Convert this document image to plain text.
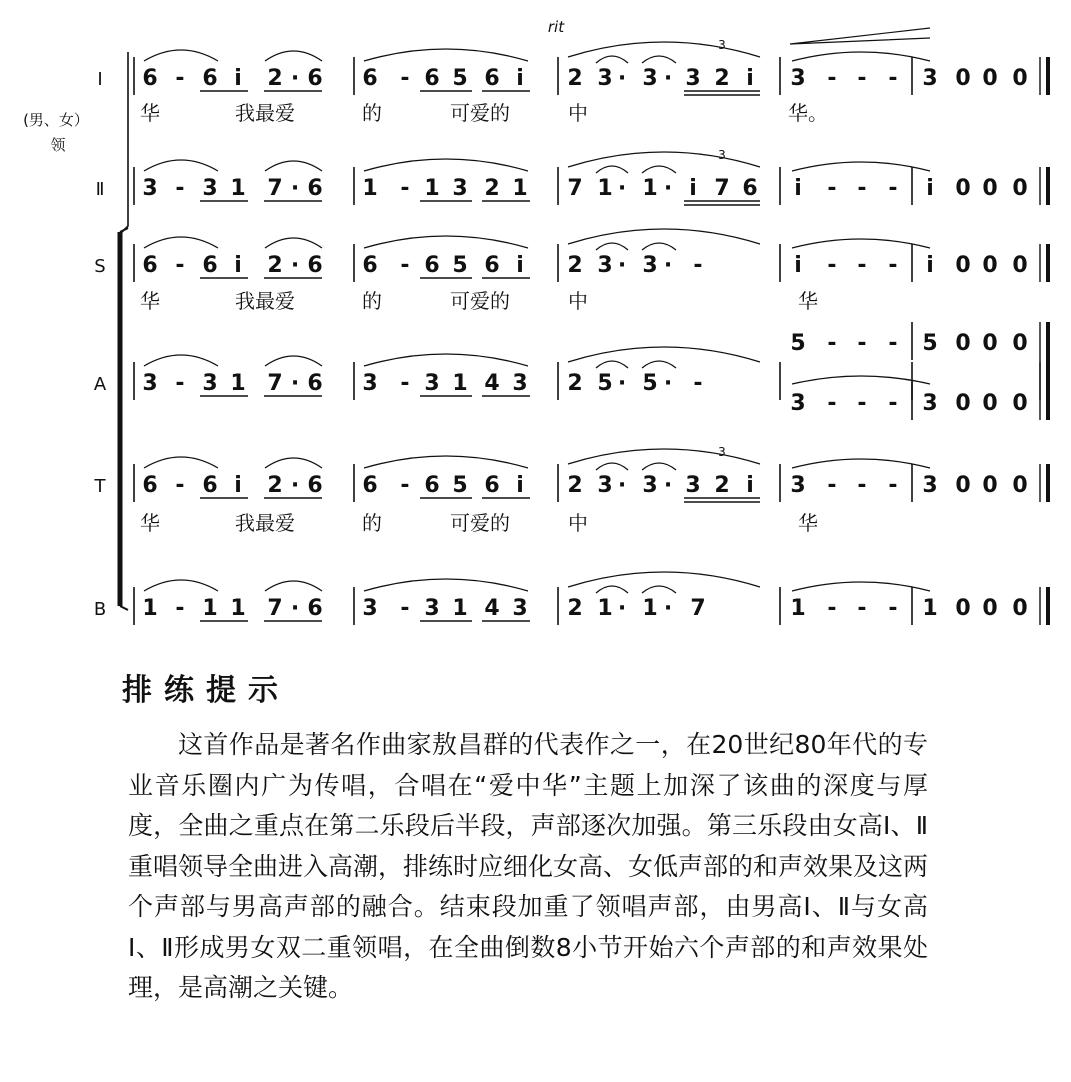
(男、女）
领
rit
Ⅰ
Ⅱ
S
A
T
B
6 - 6 i 2 · 6 6 - 6 5 6 i 2 3 · 3 · 3 2 i 3 - - - 3 0 0 0
3
3 - 3 1 7 · 6 1 - 1 3 2 1 7 1 · 1 · i 7 6 i - - - i 0 0 0
3
6 - 6 i 2 · 6 6 - 6 5 6 i 2 3 · 3 · -	i - - - i 0 0 0
3 - 3 1 7 · 6 3 - 3 1 4 3 2 5 · 5 · -
5 - - - 5 0 0 0
3 - - - 3 0 0 0
6 - 6 i 2 · 6 6 - 6 5 6 i 2 3 · 3 · 3 2 i 3 - - - 3 0 0 0
3
1 - 1 1 7 · 6 3 - 3 1 4 3 2 1 · 1 · 7	1 - - - 1 0 0 0
华	我最爱	的	可爱的	中	华。
华	我最爱	的	可爱的	中	华
华	我最爱	的	可爱的	中	华
排练提示

这首作品是著名作曲家敖昌群的代表作之一，在20世纪80年代的专业音乐圈内广为传唱，合唱在“爱中华”主题上加深了该曲的深度与厚度，全曲之重点在第二乐段后半段，声部逐次加强。第三乐段由女高Ⅰ、Ⅱ重唱领导全曲进入高潮，排练时应细化女高、女低声部的和声效果及这两个声部与男高声部的融合。结束段加重了领唱声部，由男高Ⅰ、Ⅱ与女高Ⅰ、Ⅱ形成男女双二重领唱，在全曲倒数8小节开始六个声部的和声效果处理，是高潮之关键。
